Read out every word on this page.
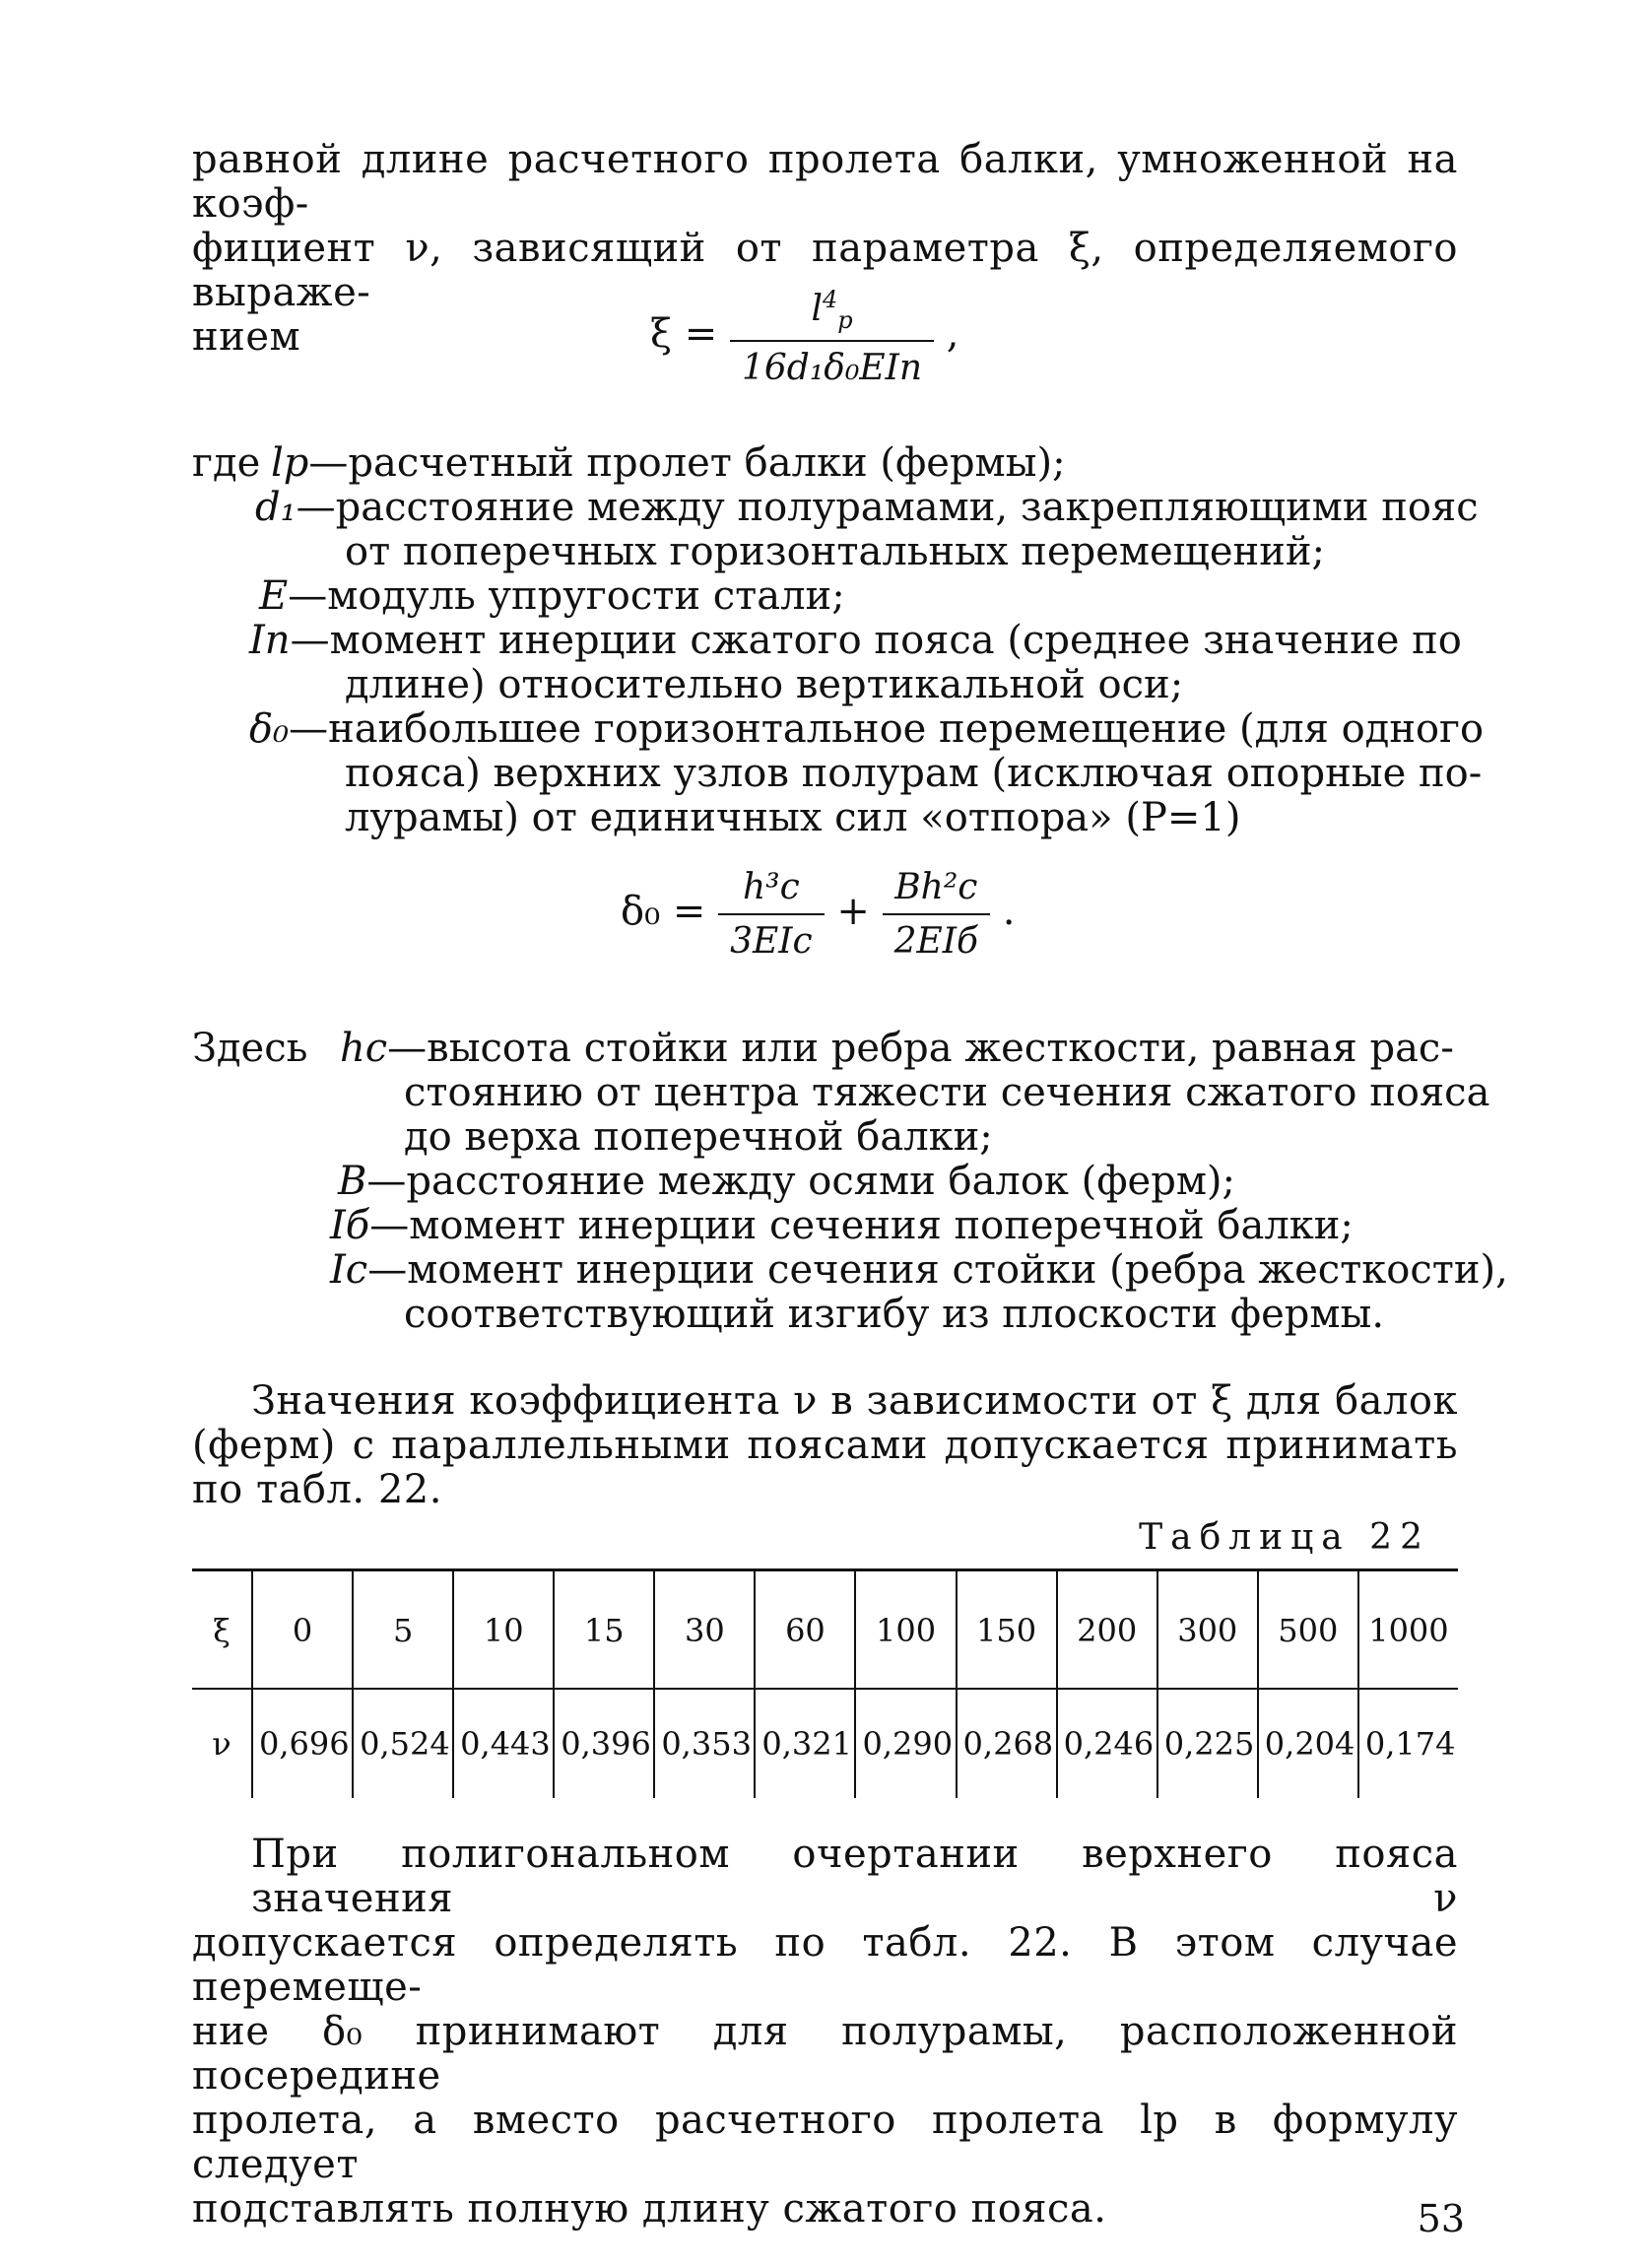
равной длине расчетного пролета балки, умноженной на коэф-
фициент ν, зависящий от параметра ξ, определяемого выраже-
нием	$\xi = \frac{l^4_р}{\text{16d₁δ₀EIп}}$ ,
где lр—расчетный пролет балки (фермы);
d₁—расстояние между полурамами, закрепляющими пояс
от поперечных горизонтальных перемещений;
E—модуль упругости стали;
Iп—момент инерции сжатого пояса (среднее значение по
длине) относительно вертикальной оси;
δ₀—наибольшее горизонтальное перемещение (для одного
пояса) верхних узлов полурам (исключая опорные по-
лурамы) от единичных сил «отпора» (P=1)
$\delta_0 = \frac{\text{h³с}}{\text{3EIс}} + \frac{\text{Bh²с}}{\text{2EIб}}$ .
Здесь hс—высота стойки или ребра жесткости, равная рас-
стоянию от центра тяжести сечения сжатого пояса
до верха поперечной балки;
B—расстояние между осями балок (ферм);
Iб—момент инерции сечения поперечной балки;
Iс—момент инерции сечения стойки (ребра жесткости),
соответствующий изгибу из плоскости фермы.
Значения коэффициента ν в зависимости от ξ для балок
(ферм) с параллельными поясами допускается принимать
по табл. 22.
Таблица 22
ξ	0	5	10	15	30	60	100	150	200	300	500	1000
ν	0,696	0,524	0,443	0,396	0,353	0,321	0,290	0,268	0,246	0,225	0,204	0,174
При полигональном очертании верхнего пояса значения ν
допускается определять по табл. 22. В этом случае перемеще-
ние δ₀ принимают для полурамы, расположенной посередине
пролета, а вместо расчетного пролета lр в формулу следует
подставлять полную длину сжатого пояса.	53
